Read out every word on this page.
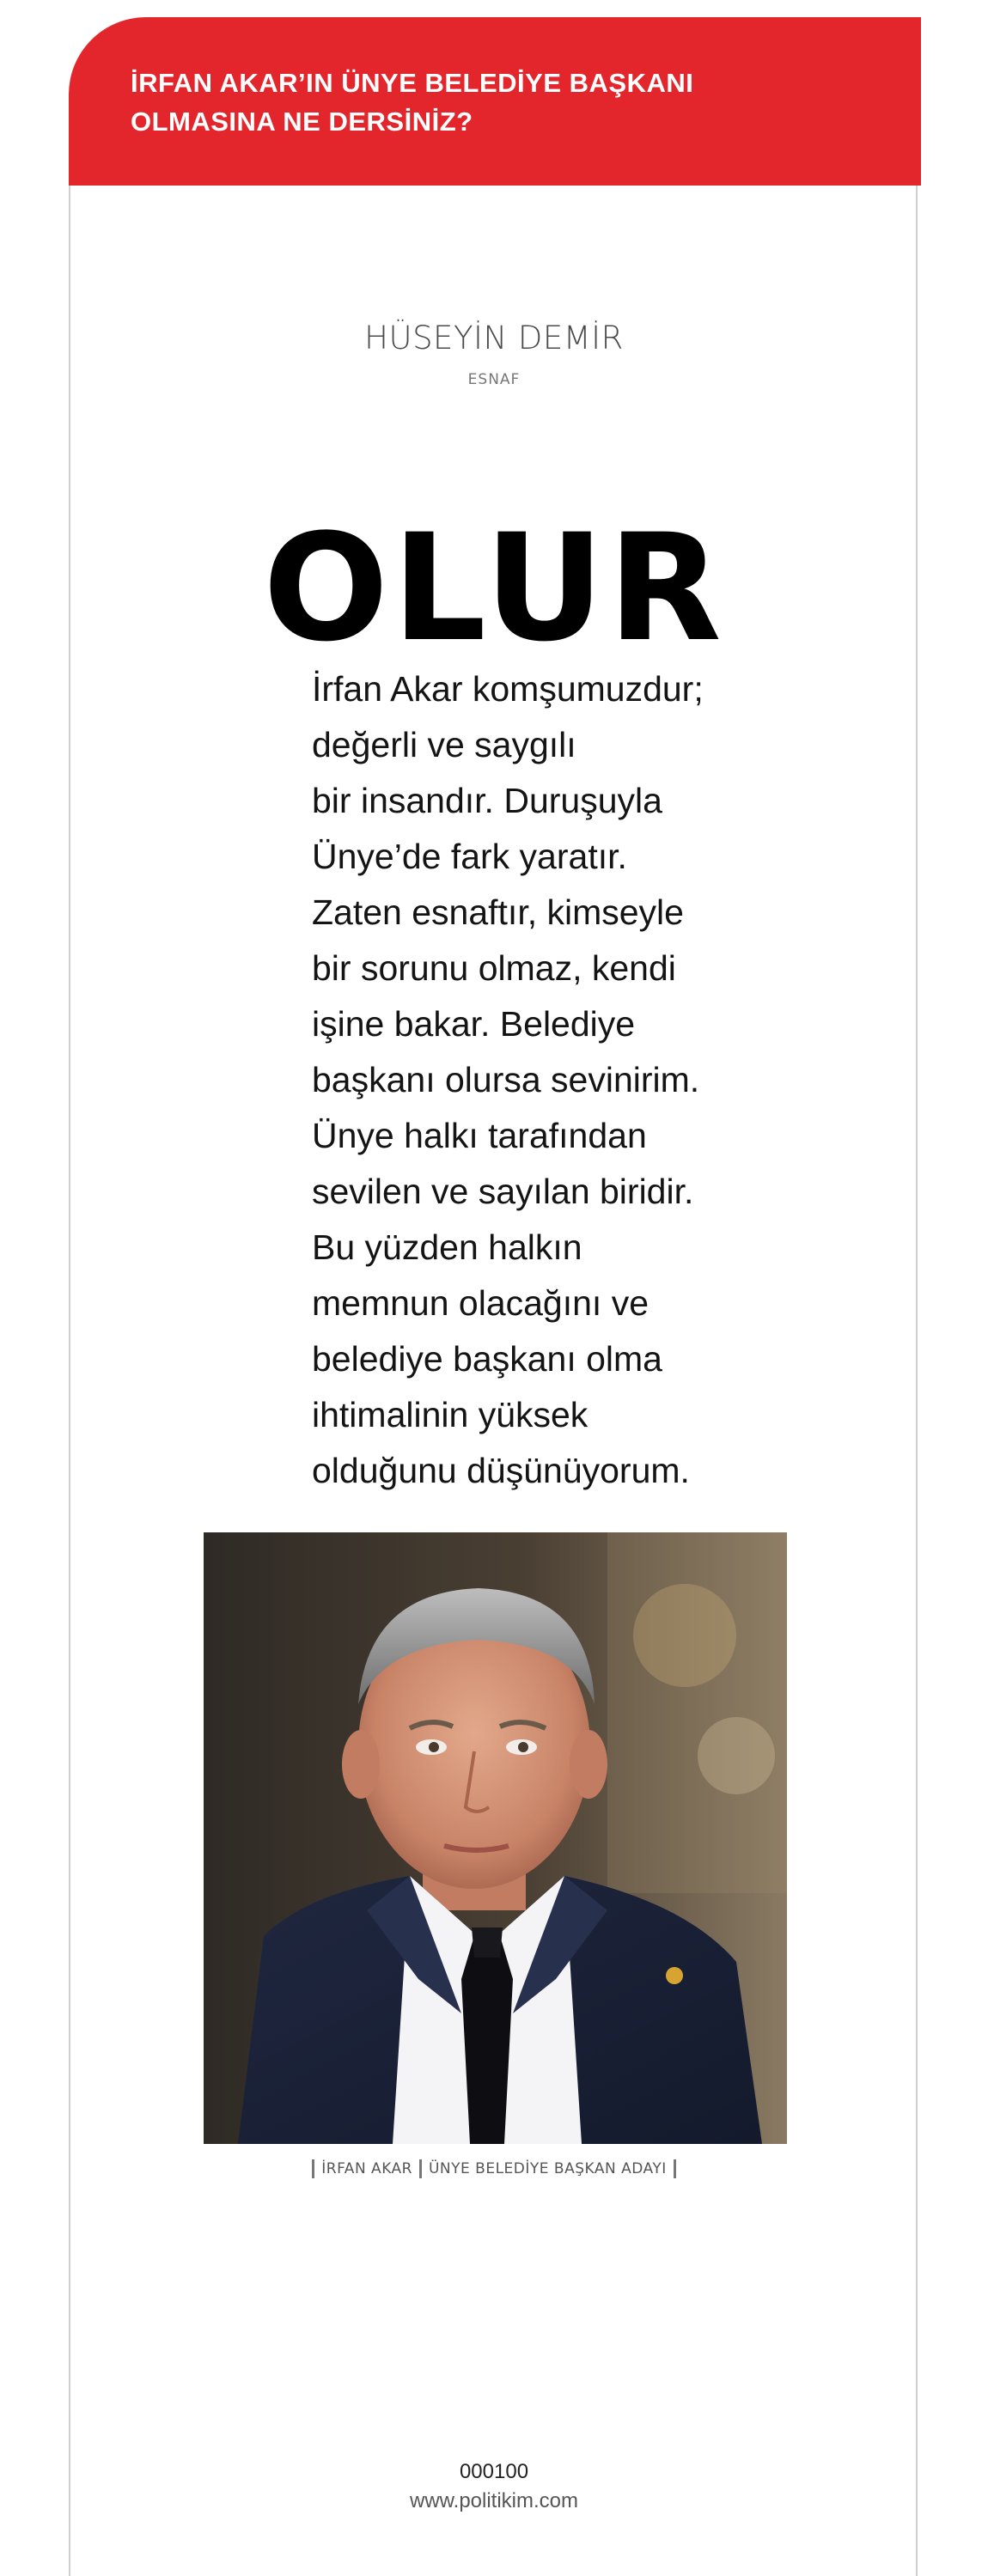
İRFAN AKAR’IN ÜNYE BELEDİYE BAŞKANI
OLMASINA NE DERSİNİZ?
HÜSEYİN DEMİR
ESNAF
OLUR
İrfan Akar komşumuzdur;
değerli ve saygılı
bir insandır. Duruşuyla
Ünye’de fark yaratır.
Zaten esnaftır, kimseyle
bir sorunu olmaz, kendi
işine bakar. Belediye
başkanı olursa sevinirim.
Ünye halkı tarafından
sevilen ve sayılan biridir.
Bu yüzden halkın
memnun olacağını ve
belediye başkanı olma
ihtimalinin yüksek
olduğunu düşünüyorum.
İRFAN AKAR ÜNYE BELEDİYE BAŞKAN ADAYI
000100
www.politikim.com
